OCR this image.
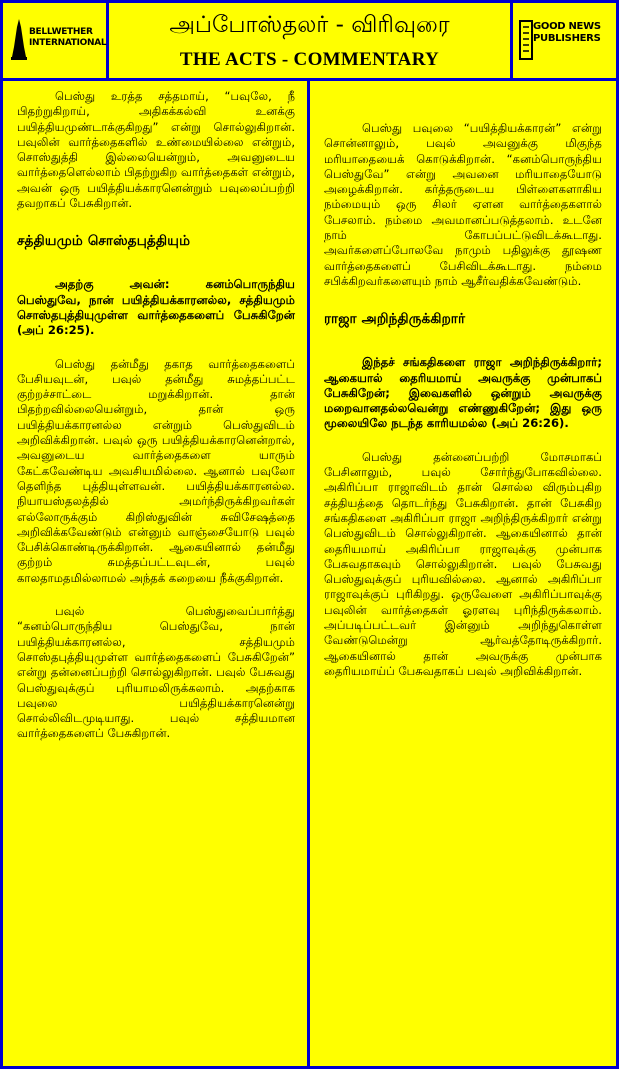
BELLWETHER
INTERNATIONAL
அப்போஸ்தலர் - விரிவுரை
THE ACTS - COMMENTARY
GOOD NEWS
PUBLISHERS

பெஸ்து உரத்த சத்தமாய், “பவுலே, நீ பிதற்றுகிறாய், அதிகக்கல்வி உனக்கு பயித்தியமுண்டாக்குகிறது” என்று சொல்லுகிறான். பவுலின் வார்த்தைகளில் உண்மையில்லை என்றும், சொஸ்துத்தி இல்லையென்றும், அவனுடைய வார்த்தைளெல்லாம் பிதற்றுகிற வார்த்தைகள் என்றும், அவன் ஒரு பயித்தியக்காரனென்றும் பவுலைப்பற்றி தவறாகப் பேசுகிறான்.

சத்தியமும் சொஸ்தபுத்தியும்

அதற்கு அவன்: கனம்பொருந்திய பெஸ்துவே, நான் பயித்தியக்காரனல்ல, சத்தியமும் சொஸ்தபுத்தியுமுள்ள வார்த்தைகளைப் பேசுகிறேன் (அப் 26:25).

பெஸ்து தன்மீது தகாத வார்த்தைகளைப் பேசியவுடன், பவுல் தன்மீது சுமத்தப்பட்ட குற்றச்சாட்டை மறுக்கிறான். தான் பிதற்றவில்லையென்றும், தான் ஒரு பயித்தியக்காரனல்ல என்றும் பெஸ்துவிடம் அறிவிக்கிறான். பவுல் ஒரு பயித்தியக்காரனென்றால், அவனுடைய வார்த்தைகளை யாரும் கேட்கவேண்டிய அவசியமில்லை. ஆனால் பவுலோ தெளிந்த புத்தியுள்ளவன். பயித்தியக்காரனல்ல. நியாயஸ்தலத்தில் அமர்ந்திருக்கிறவர்கள் எல்லோருக்கும் கிறிஸ்துவின் சுவிசேஷத்தை அறிவிக்கவேண்டும் என்னும் வாஞ்சையோடு பவுல் பேசிக்கொண்டிருக்கிறான். ஆகையினால் தன்மீது குற்றம் சுமத்தப்பட்டவுடன், பவுல் காலதாமதமில்லாமல் அந்தக் கறையை நீக்குகிறான்.

பவுல் பெஸ்துவைப்பார்த்து “கனம்பொருந்திய பெஸ்துவே, நான் பயித்தியக்காரனல்ல, சத்தியமும் சொஸ்தபுத்தியுமுள்ள வார்த்தைகளைப் பேசுகிறேன்” என்று தன்னைப்பற்றி சொல்லுகிறான். பவுல் பேசுவது பெஸ்துவுக்குப் புரியாமலிருக்கலாம். அதற்காக பவுலை பயித்தியக்காரனென்று சொல்லிவிடமுடியாது. பவுல் சத்தியமான வார்த்தைகளைப் பேசுகிறான்.

பெஸ்து பவுலை “பயித்தியக்காரன்” என்று சொன்னாலும், பவுல் அவனுக்கு மிகுந்த மரியாதையைக் கொடுக்கிறான். “கனம்பொருந்திய பெஸ்துவே” என்று அவனை மரியாதையோடு அழைக்கிறான். கர்த்தருடைய பிள்ளைகளாகிய நம்மையும் ஒரு சிலர் ஏளன வார்த்தைகளால் பேசலாம். நம்மை அவமானப்படுத்தலாம். உடனே நாம் கோபப்பட்டுவிடக்கூடாது. அவர்களைப்போலவே நாமும் பதிலுக்கு தூஷண வார்த்தைகளைப் பேசிவிடக்கூடாது. நம்மை சபிக்கிறவர்களையும் நாம் ஆசீர்வதிக்கவேண்டும்.

ராஜா அறிந்திருக்கிறார்

இந்தச் சங்கதிகளை ராஜா அறிந்திருக்கிறார்; ஆகையால் தைரியமாய் அவருக்கு முன்பாகப் பேசுகிறேன்; இவைகளில் ஒன்றும் அவருக்கு மறைவானதல்லவென்று எண்ணுகிறேன்; இது ஒரு மூலையிலே நடந்த காரியமல்ல (அப் 26:26).

பெஸ்து தன்னைப்பற்றி மோசமாகப் பேசினாலும், பவுல் சோர்ந்துபோகவில்லை. அகிரிப்பா ராஜாவிடம் தான் சொல்ல விரும்புகிற சத்தியத்தை தொடர்ந்து பேசுகிறான். தான் பேசுகிற சங்கதிகளை அகிரிப்பா ராஜா அறிந்திருக்கிறார் என்று பெஸ்துவிடம் சொல்லுகிறான். ஆகையினால் தான் தைரியமாய் அகிரிப்பா ராஜாவுக்கு முன்பாக பேசுவதாகவும் சொல்லுகிறான். பவுல் பேசுவது பெஸ்துவுக்குப் புரியவில்லை. ஆனால் அகிரிப்பா ராஜாவுக்குப் புரிகிறது. ஒருவேளை அகிரிப்பாவுக்கு பவுலின் வார்த்தைகள் ஓரளவு புரிந்திருக்கலாம். அப்படிப்பட்டவர் இன்னும் அறிந்துகொள்ள வேண்டுமென்று ஆர்வத்தோடிருக்கிறார். ஆகையினால் தான் அவருக்கு முன்பாக தைரியமாய்ப் பேசுவதாகப் பவுல் அறிவிக்கிறான்.
